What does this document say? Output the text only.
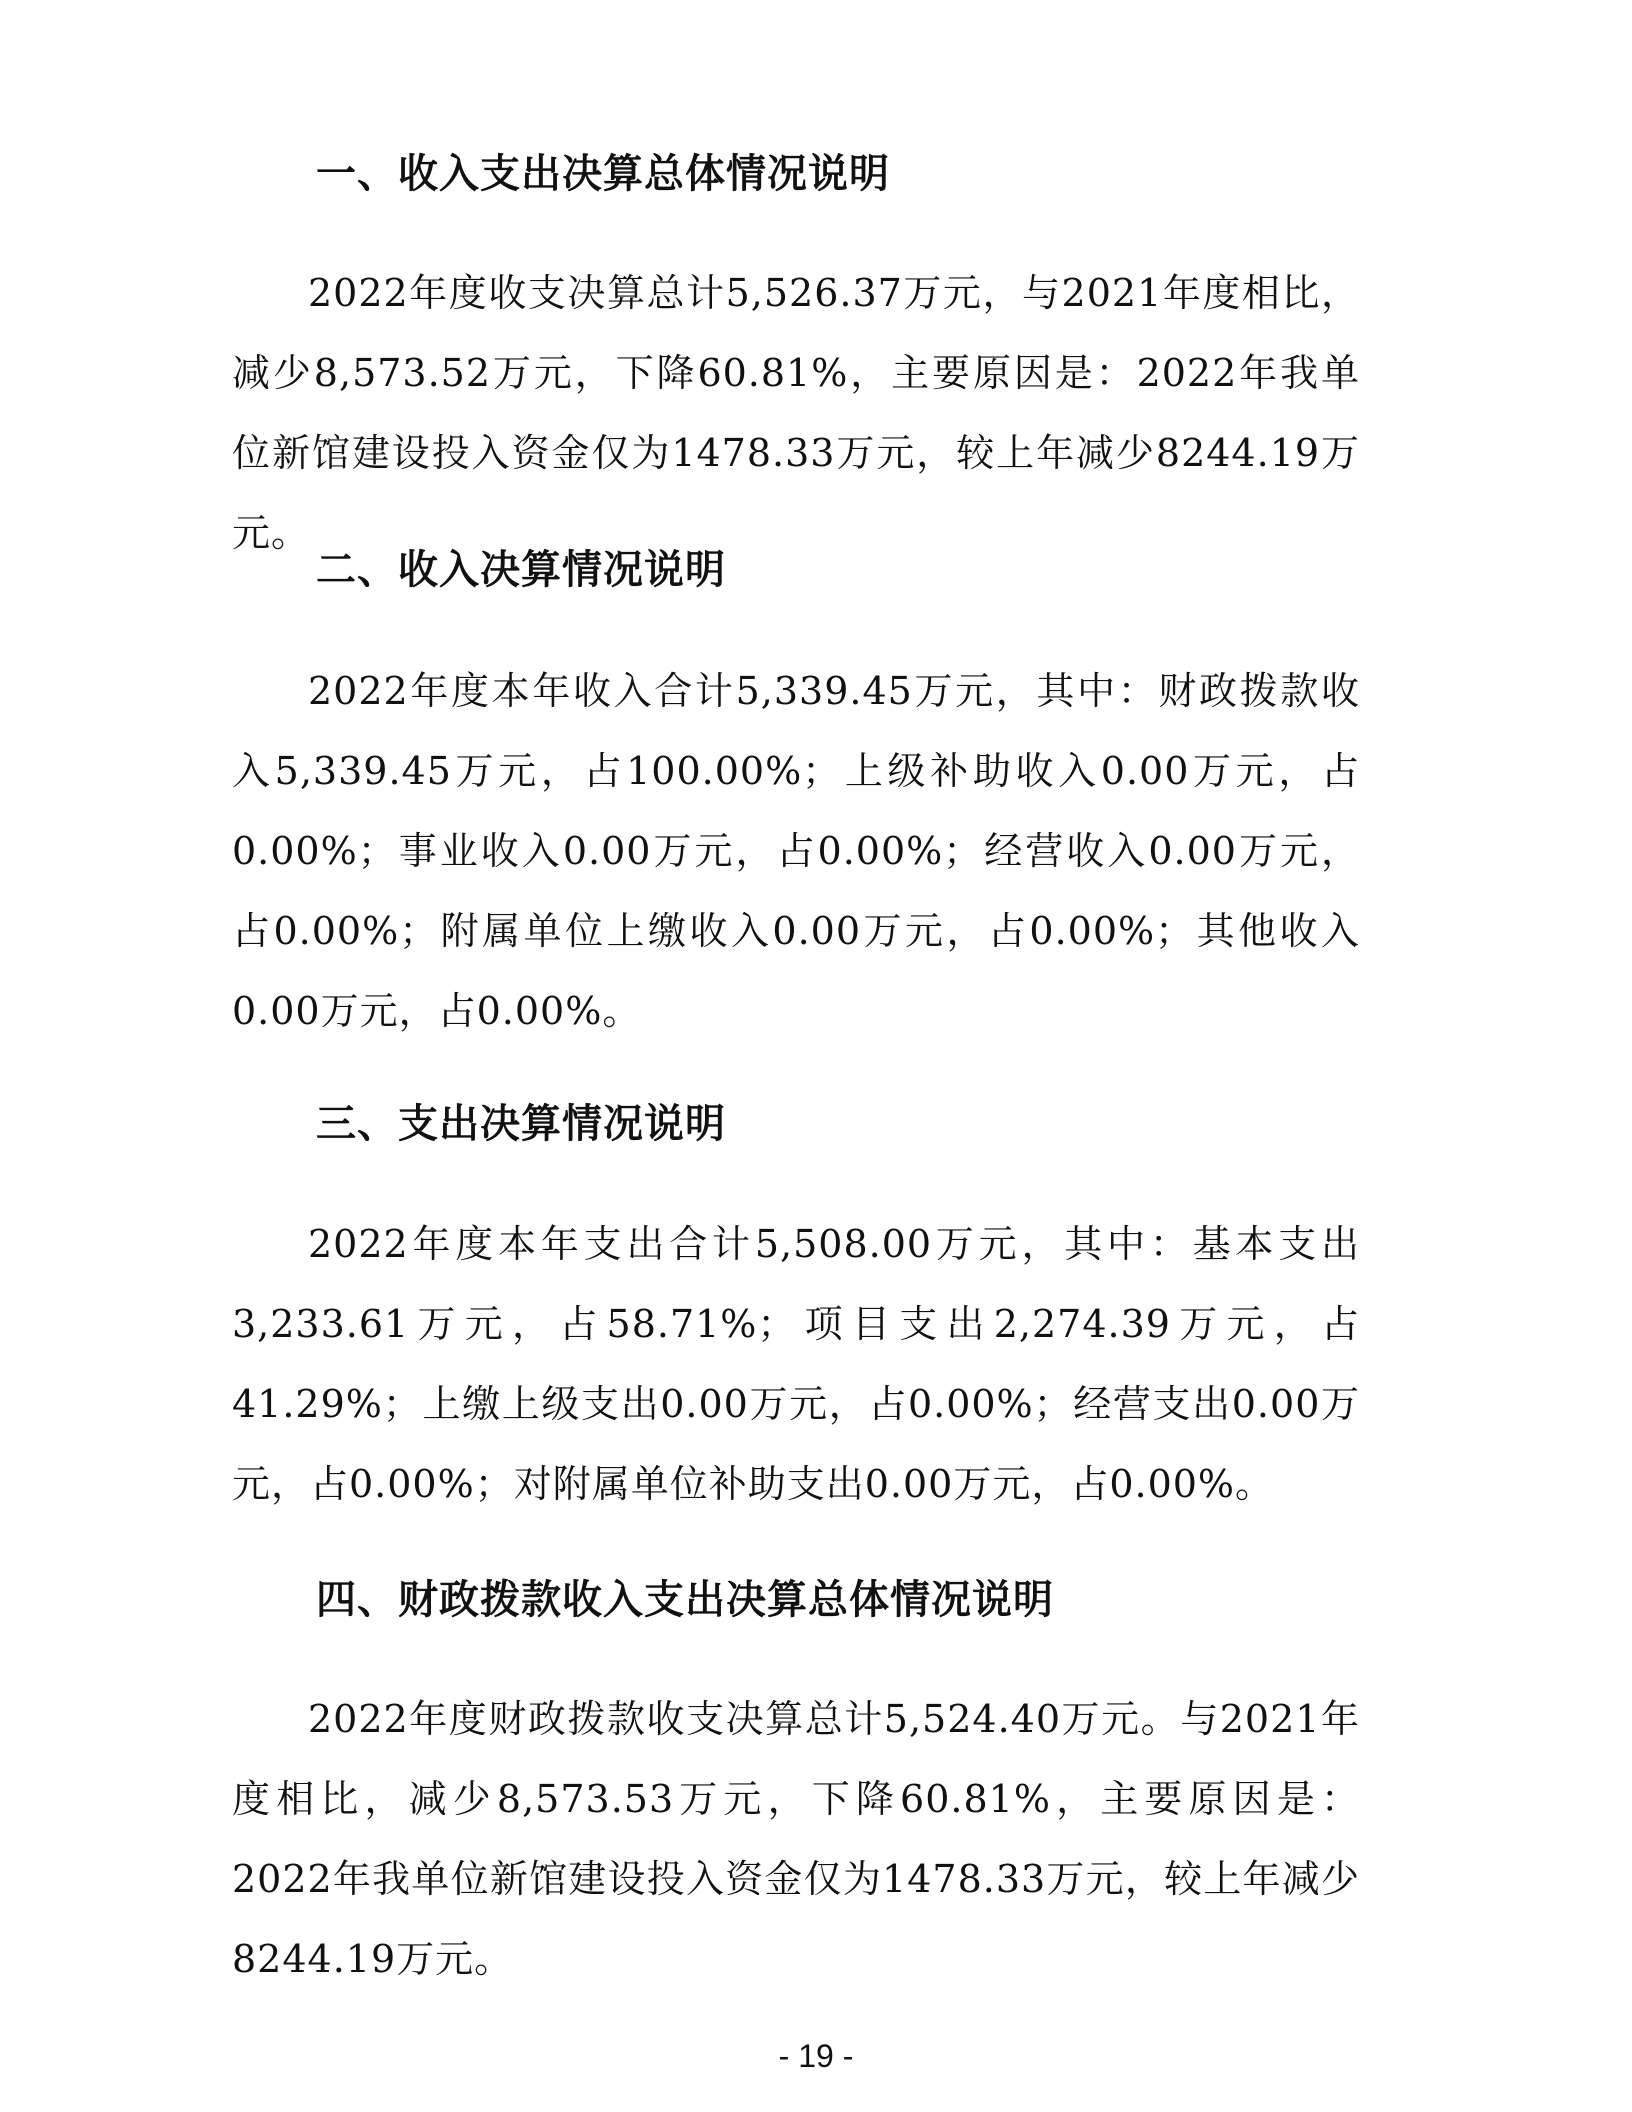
一、收入支出决算总体情况说明

2022年度收支决算总计5,526.37万元，与2021年度相比，减少8,573.52万元，下降60.81%，主要原因是：2022年我单位新馆建设投入资金仅为1478.33万元，较上年减少8244.19万元。

二、收入决算情况说明

2022年度本年收入合计5,339.45万元，其中：财政拨款收入5,339.45万元，占100.00%；上级补助收入0.00万元，占0.00%；事业收入0.00万元，占0.00%；经营收入0.00万元，占0.00%；附属单位上缴收入0.00万元，占0.00%；其他收入0.00万元，占0.00%。

三、支出决算情况说明

2022年度本年支出合计5,508.00万元，其中：基本支出3,233.61万元，占58.71%；项目支出2,274.39万元，占41.29%；上缴上级支出0.00万元，占0.00%；经营支出0.00万元，占0.00%；对附属单位补助支出0.00万元，占0.00%。

四、财政拨款收入支出决算总体情况说明

2022年度财政拨款收支决算总计5,524.40万元。与2021年度相比，减少8,573.53万元，下降60.81%，主要原因是：2022年我单位新馆建设投入资金仅为1478.33万元，较上年减少8244.19万元。

- 19 -
